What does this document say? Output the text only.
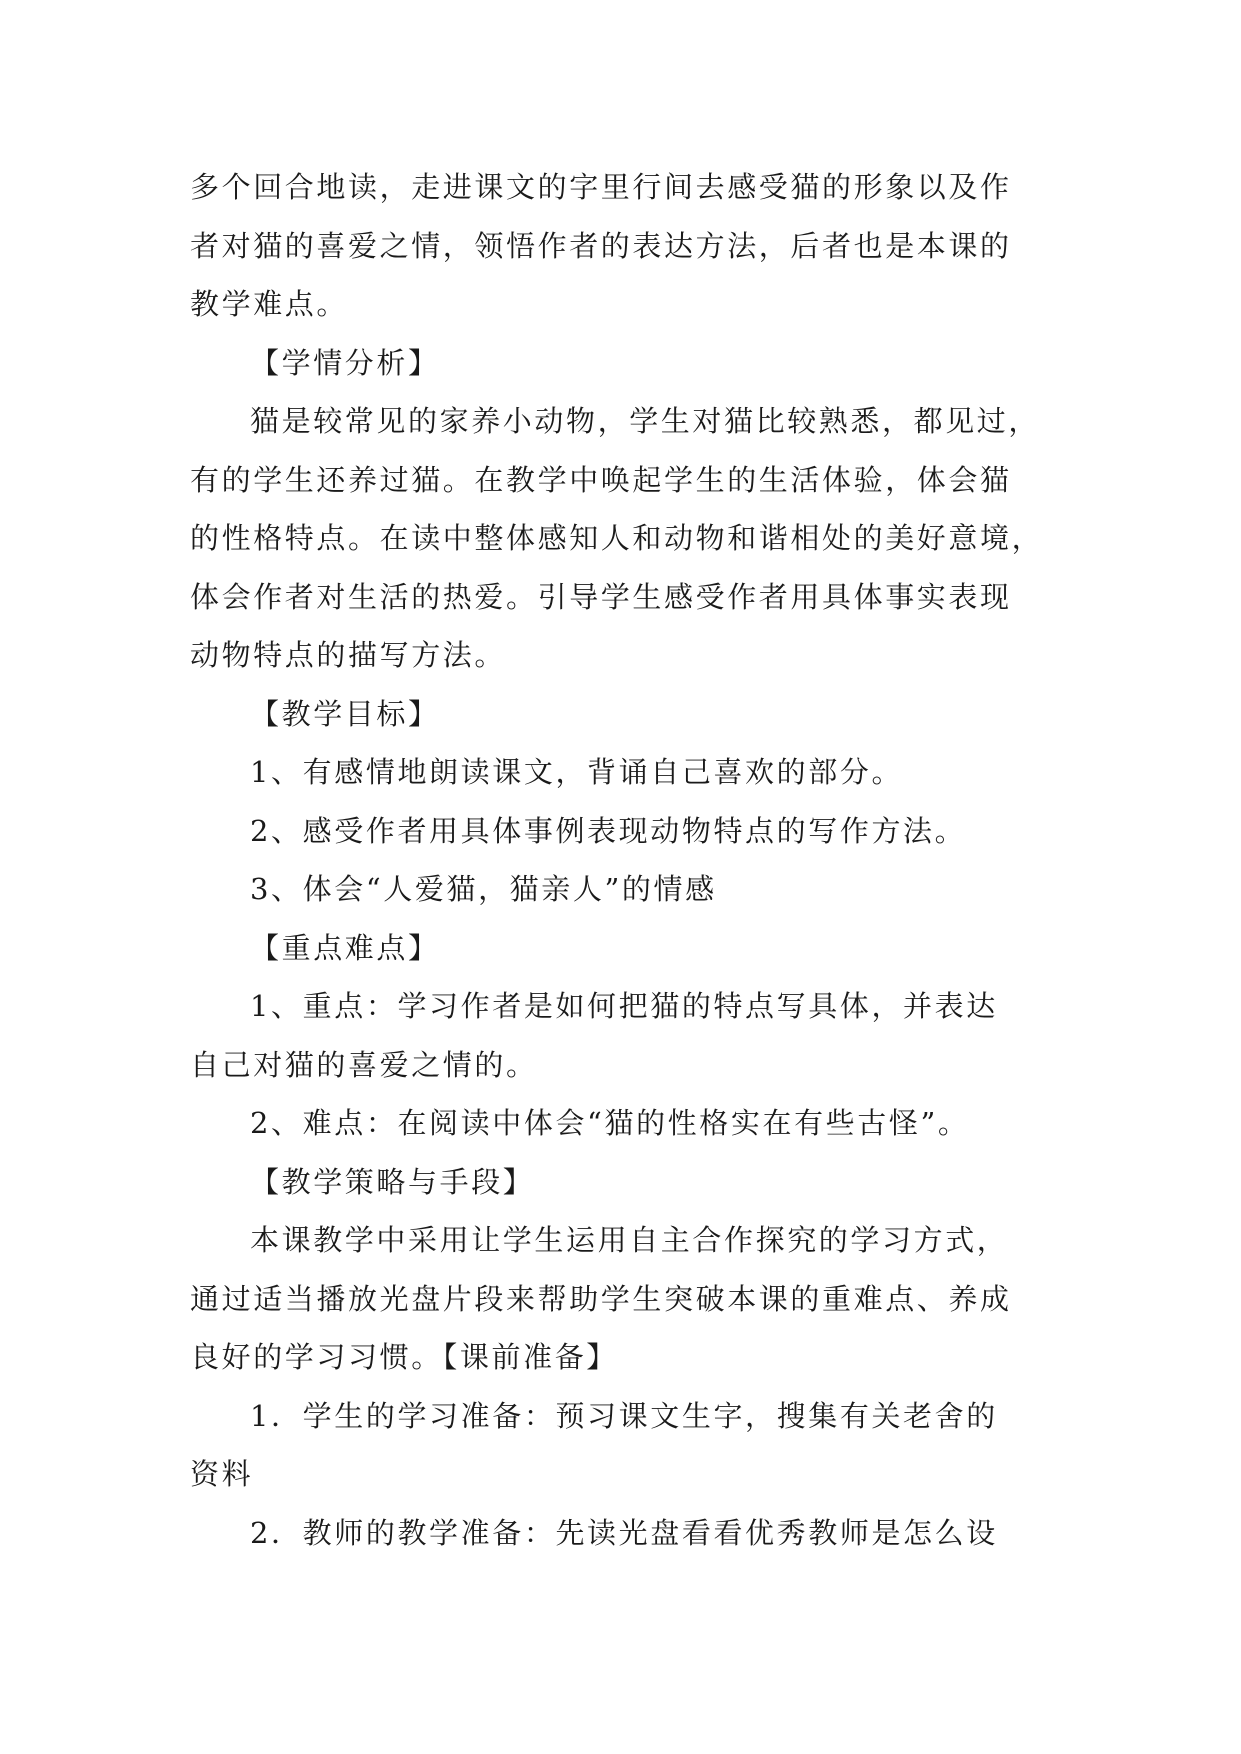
多个回合地读，走进课文的字里行间去感受猫的形象以及作
者对猫的喜爱之情，领悟作者的表达方法，后者也是本课的
教学难点。
【学情分析】
猫是较常见的家养小动物，学生对猫比较熟悉，都见过，
有的学生还养过猫。在教学中唤起学生的生活体验，体会猫
的性格特点。在读中整体感知人和动物和谐相处的美好意境，
体会作者对生活的热爱。引导学生感受作者用具体事实表现
动物特点的描写方法。
【教学目标】
1、有感情地朗读课文，背诵自己喜欢的部分。
2、感受作者用具体事例表现动物特点的写作方法。
3、体会“人爱猫，猫亲人”的情感
【重点难点】
1、重点：学习作者是如何把猫的特点写具体，并表达
自己对猫的喜爱之情的。
2、难点：在阅读中体会“猫的性格实在有些古怪”。
【教学策略与手段】
本课教学中采用让学生运用自主合作探究的学习方式，
通过适当播放光盘片段来帮助学生突破本课的重难点、养成
良好的学习习惯。【课前准备】
1．学生的学习准备：预习课文生字，搜集有关老舍的
资料
2．教师的教学准备：先读光盘看看优秀教师是怎么设
